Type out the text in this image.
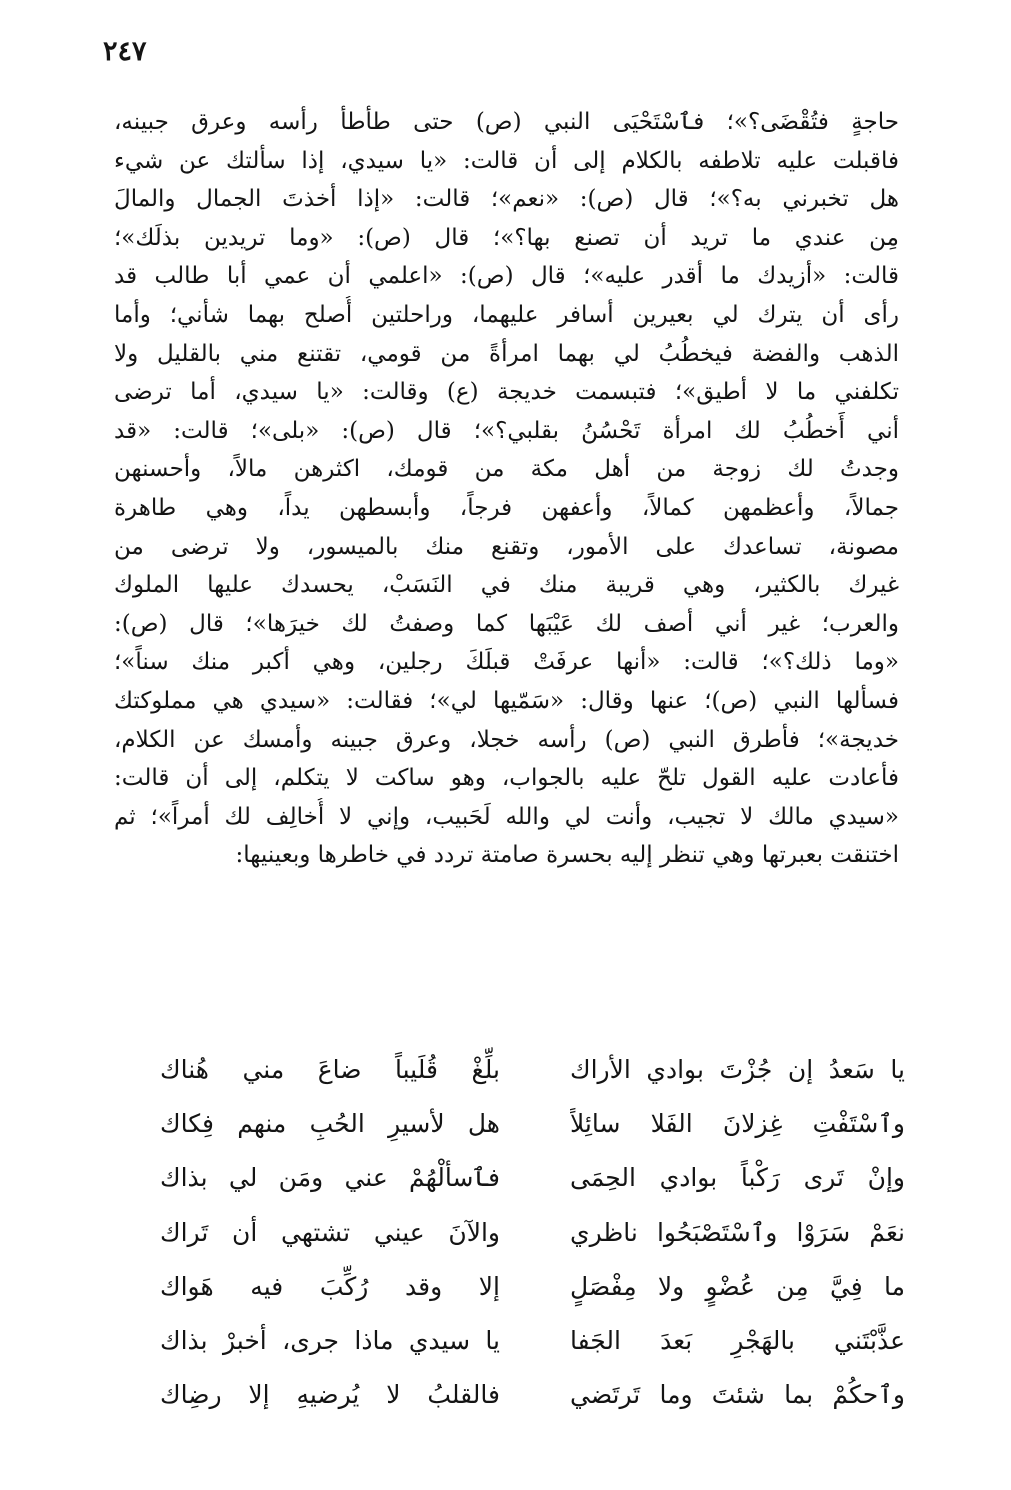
٢٤٧
حاجةٍ فتُقْضَى؟»؛ فٱسْتَحْيَى النبي (ص) حتى طأطأ رأسه وعرق جبينه،
فاقبلت عليه تلاطفه بالكلام إلى أن قالت: «يا سيدي، إذا سألتك عن شيء
هل تخبرني به؟»؛ قال (ص): «نعم»؛ قالت: «إذا أخذتَ الجمال والمالَ
مِن عندي ما تريد أن تصنع بها؟»؛ قال (ص): «وما تريدين بذلَك»؛
قالت: «أزيدك ما أقدر عليه»؛ قال (ص): «اعلمي أن عمي أبا طالب قد
رأى أن يترك لي بعيرين أسافر عليهما، وراحلتين أُصلح بهما شأني؛ وأما
الذهب والفضة فيخطُبُ لي بهما امرأةً من قومي، تقتنع مني بالقليل ولا
تكلفني ما لا أطيق»؛ فتبسمت خديجة (ع) وقالت: «يا سيدي، أما ترضى
أني أَخطُبُ لك امرأة تَحْسُنُ بقلبي؟»؛ قال (ص): «بلى»؛ قالت: «قد
وجدتُ لك زوجة من أهل مكة من قومك، اكثرهن مالاً، وأحسنهن
جمالاً، وأعظمهن كمالاً، وأعفهن فرجاً، وأبسطهن يداً، وهي طاهرة
مصونة، تساعدك على الأمور، وتقنع منك بالميسور، ولا ترضى من
غيرك بالكثير، وهي قريبة منك في النَسَبْ، يحسدك عليها الملوك
والعرب؛ غير أني أصف لك عَيْبَها كما وصفتُ لك خيرَها»؛ قال (ص):
«وما ذلك؟»؛ قالت: «أنها عرفَتْ قبلَكَ رجلين، وهي أكبر منك سناً»؛
فسألها النبي (ص)؛ عنها وقال: «سَمّيها لي»؛ فقالت: «سيدي هي مملوكتك
خديجة»؛ فأطرق النبي (ص) رأسه خجلا، وعرق جبينه وأمسك عن الكلام،
فأعادت عليه القول تلحّ عليه بالجواب، وهو ساكت لا يتكلم، إلى أن قالت:
«سيدي مالك لا تجيب، وأنت لي والله لَحَبيب، وإني لا أُخالِف لك أمراً»؛ ثم
اختنقت بعبرتها وهي تنظر إليه بحسرة صامتة تردد في خاطرها وبعينيها:
يا سَعدُ إن جُزْتَ بوادي الأراك
بلِّغْ قُلَيباً ضاعَ مني هُناك
وٱسْتَفْتِ غِزلانَ الفَلا سائِلاً
هل لأسيرِ الحُبِ منهم فِكاك
وإنْ تَرى رَكْباً بوادي الحِمَى
فٱسألْهُمْ عني ومَن لي بذاك
نعَمْ سَرَوْا وٱسْتَصْبَحُوا ناظري
والآنَ عيني تشتهي أن تَراك
ما فِيَّ مِن عُضْوٍ ولا مِفْصَلٍ
إلا وقد رُكِّبَ فيه هَواك
عذَّبْتَني بالهَجْرِ بَعدَ الجَفا
يا سيدي ماذا جرى، أخبرْ بذاك
وٱحكُمْ بما شئتَ وما تَرتَضي
فالقلبُ لا يُرضيهِ إلا رضِاك
